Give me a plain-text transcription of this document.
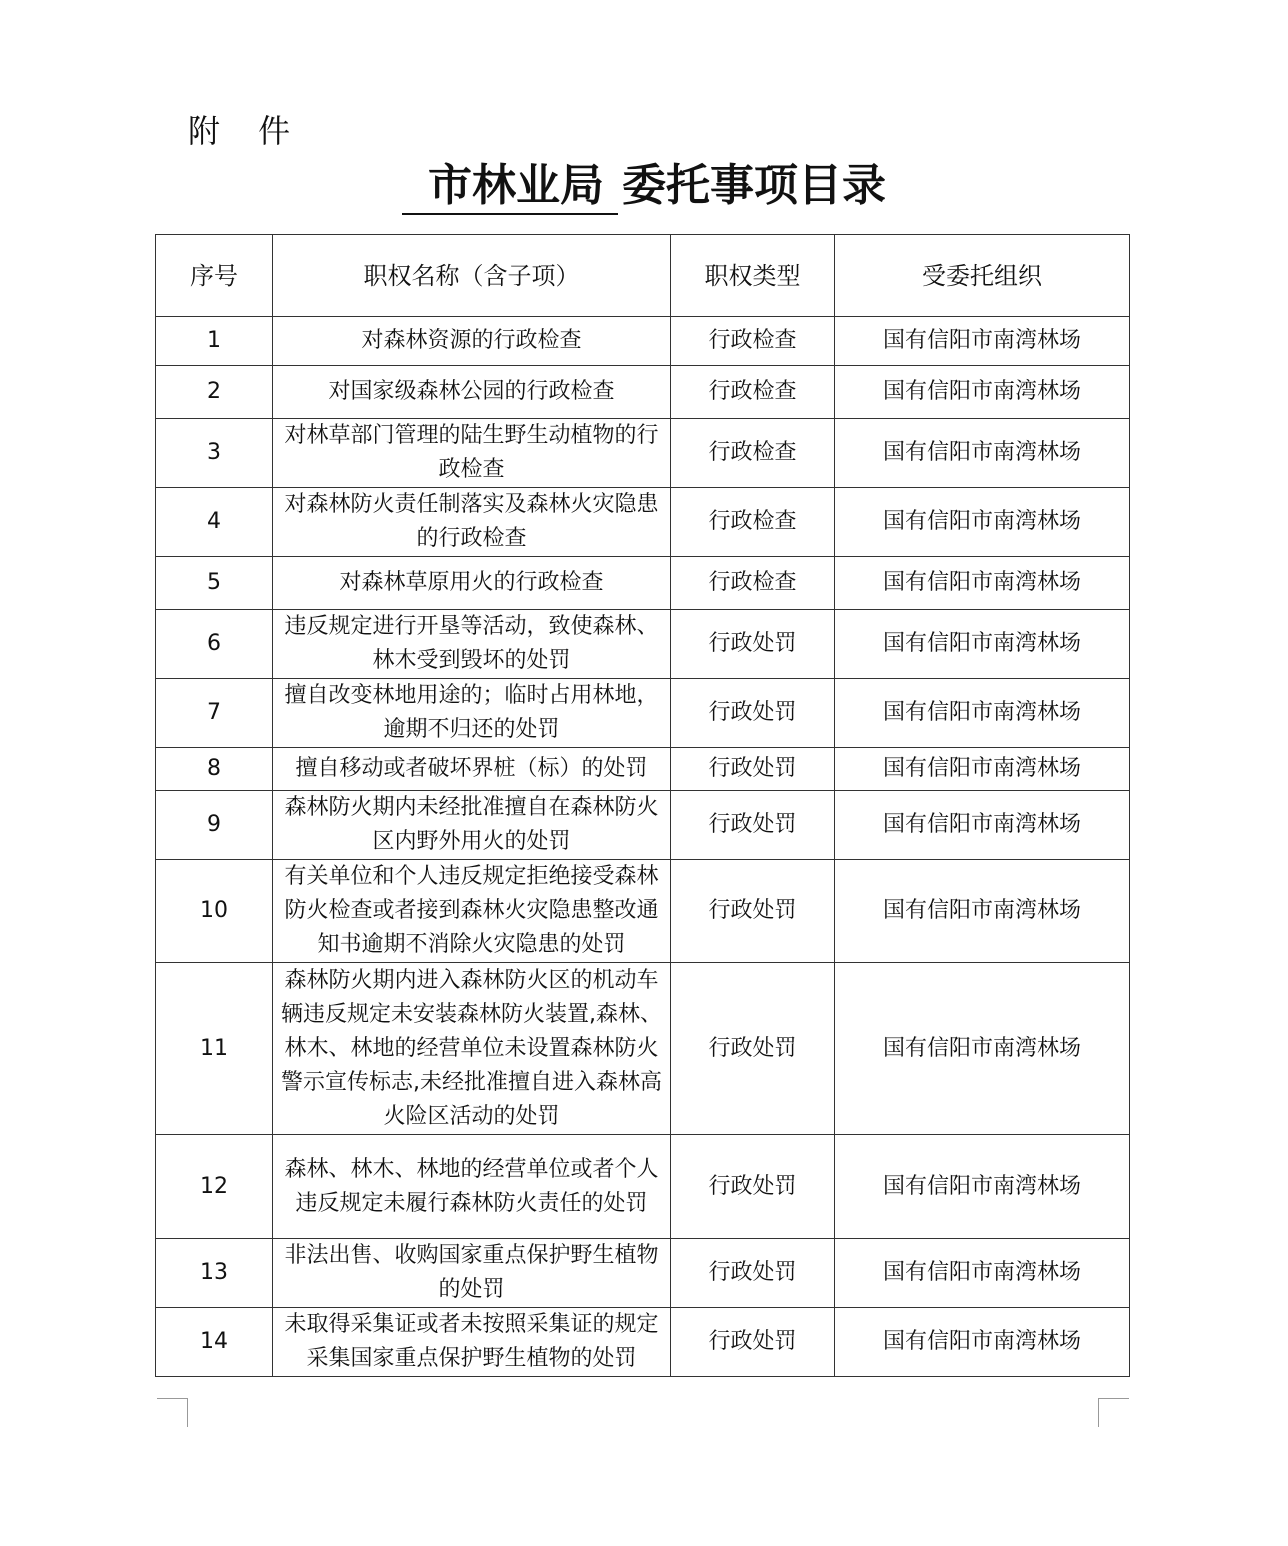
附 件
市林业局 委托事项目录
序号	职权名称（含子项）	职权类型	受委托组织
1	对森林资源的行政检查	行政检查	国有信阳市南湾林场
2	对国家级森林公园的行政检查	行政检查	国有信阳市南湾林场
3	对林草部门管理的陆生野生动植物的行政检查	行政检查	国有信阳市南湾林场
4	对森林防火责任制落实及森林火灾隐患的行政检查	行政检查	国有信阳市南湾林场
5	对森林草原用火的行政检查	行政检查	国有信阳市南湾林场
6	违反规定进行开垦等活动，致使森林、林木受到毁坏的处罚	行政处罚	国有信阳市南湾林场
7	擅自改变林地用途的；临时占用林地，逾期不归还的处罚	行政处罚	国有信阳市南湾林场
8	擅自移动或者破坏界桩（标）的处罚	行政处罚	国有信阳市南湾林场
9	森林防火期内未经批准擅自在森林防火区内野外用火的处罚	行政处罚	国有信阳市南湾林场
10	有关单位和个人违反规定拒绝接受森林防火检查或者接到森林火灾隐患整改通知书逾期不消除火灾隐患的处罚	行政处罚	国有信阳市南湾林场
11	森林防火期内进入森林防火区的机动车辆违反规定未安装森林防火装置,森林、林木、林地的经营单位未设置森林防火警示宣传标志,未经批准擅自进入森林高火险区活动的处罚	行政处罚	国有信阳市南湾林场
12	森林、林木、林地的经营单位或者个人违反规定未履行森林防火责任的处罚	行政处罚	国有信阳市南湾林场
13	非法出售、收购国家重点保护野生植物的处罚	行政处罚	国有信阳市南湾林场
14	未取得采集证或者未按照采集证的规定采集国家重点保护野生植物的处罚	行政处罚	国有信阳市南湾林场
